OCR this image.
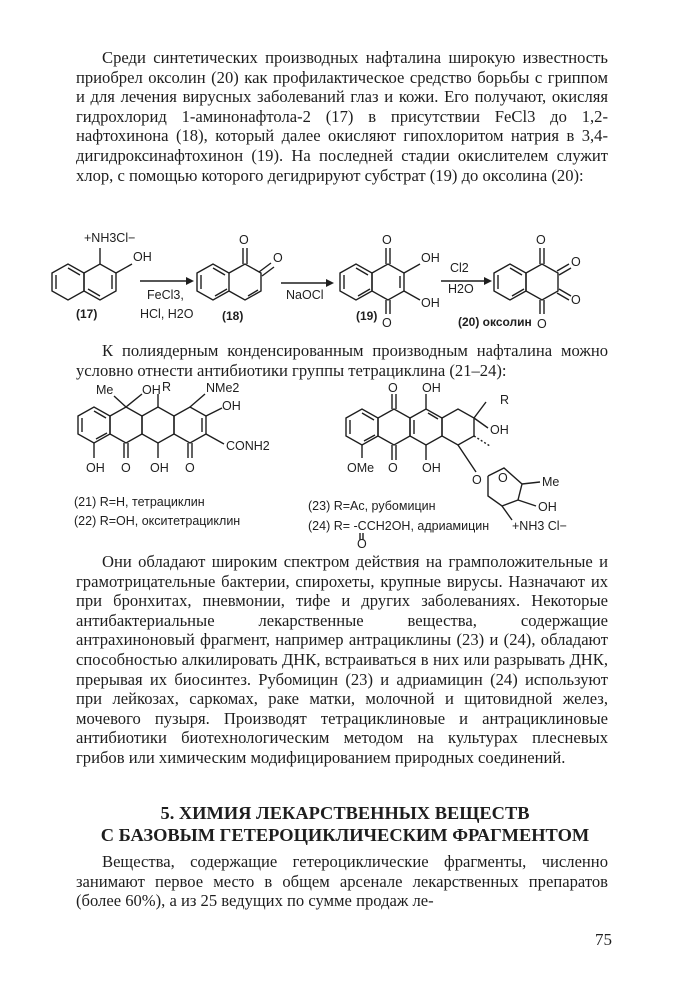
Среди синтетических производных нафталина широкую известность приобрел оксолин (20) как профилактическое средство борьбы с гриппом и для лечения вирусных заболеваний глаз и кожи. Его получают, окисляя гидрохлорид 1-аминонафтола-2 (17) в присутствии FeCl3 до 1,2-нафтохинона (18), который далее окисляют гипохлоритом натрия в 3,4-дигидроксинафтохинон (19). На последней стадии окислителем служит хлор, с помощью которого дегидрируют субстрат (19) до оксолина (20):

+NH3Cl−
OH
(17)
FeCl3,
HCl, H2O
O
O
(18)
NaOCl
O
O
OH
OH
(19)
Cl2
H2O
O
O
O
O
(20) оксолин

К полиядерным конденсированным производным нафталина можно условно отнести антибиотики группы тетрациклина (21–24):

Me OH R	NMe2
OH
CONH2
OH O OH O
O OH
R
OH
OMe O OH
O O	Me
OH
+NH3 Cl−
(21) R=H, тетрациклин
(22) R=OH, окситетрациклин
(23) R=Ac, рубомицин
(24) R= -CCH2OH, адриамицин
O

Они обладают широким спектром действия на грамположительные и грамотрицательные бактерии, спирохеты, крупные вирусы. Назначают их при бронхитах, пневмонии, тифе и других заболеваниях. Некоторые антибактериальные лекарственные вещества, содержащие антрахиноновый фрагмент, например антрациклины (23) и (24), обладают способностью алкилировать ДНК, встраиваться в них или разрывать ДНК, прерывая их биосинтез. Рубомицин (23) и адриамицин (24) используют при лейкозах, саркомах, раке матки, молочной и щитовидной желез, мочевого пузыря. Производят тетрациклиновые и антрациклиновые антибиотики биотехнологическим методом на культурах плесневых грибов или химическим модифицированием природных соединений.

5. ХИМИЯ ЛЕКАРСТВЕННЫХ ВЕЩЕСТВ
С БАЗОВЫМ ГЕТЕРОЦИКЛИЧЕСКИМ ФРАГМЕНТОМ

Вещества, содержащие гетероциклические фрагменты, численно занимают первое место в общем арсенале лекарственных препаратов (более 60%), а из 25 ведущих по сумме продаж ле-

75
